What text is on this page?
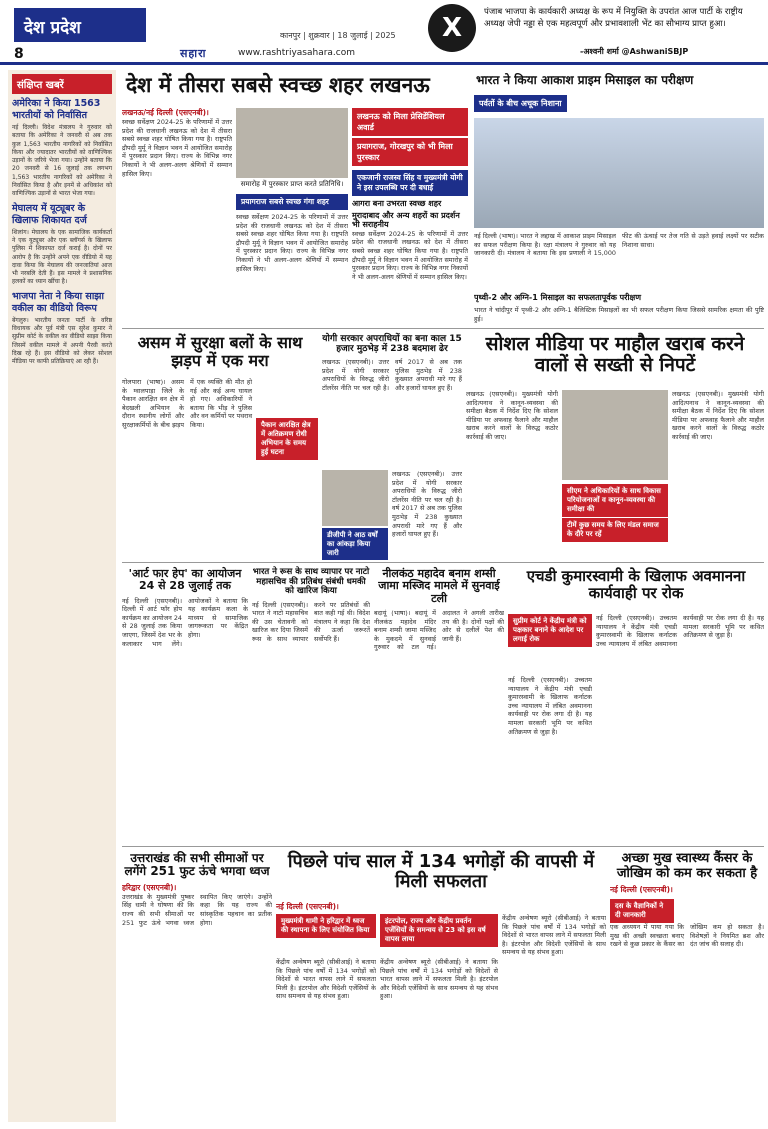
देश प्रदेश
8
कानपुर | शुक्रवार | 18 जुलाई | 2025
सहारा	www.rashtriyasahara.com
X
पंजाब भाजपा के कार्यकारी अध्यक्ष के रूप में नियुक्ति के उपरांत आज पार्टी के राष्ट्रीय अध्यक्ष जेपी नड्डा से एक महत्वपूर्ण और प्रभावशाली भेंट का सौभाग्य प्राप्त हुआ।
-अश्वनी शर्मा @AshwaniSBJP
संक्षिप्त खबरें
अमेरिका ने किया 1563 भारतीयों को निर्वासित

नई दिल्ली। विदेश मंत्रालय ने गुरुवार को बताया कि अमेरिका ने जनवरी से अब तक कुल 1,563 भारतीय नागरिकों को निर्वासित किया और ज्यादातर भारतीयों को वाणिज्यिक उड़ानों के जरिये भेजा गया। उन्होंने बताया कि 20 जनवरी से 16 जुलाई तक लगभग 1,563 भारतीय नागरिकों को अमेरिका ने निर्वासित किया है और इनमें से अधिकांश को वाणिज्यिक उड़ानों से भारत भेजा गया।

मेघालय में यूट्यूबर के खिलाफ शिकायत दर्ज

शिलांग। मेघालय के एक सामाजिक कार्यकर्ता ने एक यूट्यूबर और एक ब्लॉगर्स के खिलाफ पुलिस में शिकायत दर्ज कराई है। दोनों पर आरोप है कि उन्होंने अपने एक वीडियो में यह दावा किया कि मेघालय की जनजातियां आज भी नरबलि देती हैं। इस मामले ने प्रशासनिक हलकों का ध्यान खींचा है।

भाजपा नेता ने किया साझा वकील का वीडियो विरूप

बेंगलुरु। भारतीय जनता पार्टी के वरिष्ठ विधायक और पूर्व मंत्री एस सुरेश कुमार ने सुप्रीम कोर्ट के वकील का वीडियो साझा किया जिसमें वकील मामले में अपनी पैरवी करते दिख रहे हैं। इस वीडियो को लेकर सोशल मीडिया पर काफी प्रतिक्रियाएं आ रही हैं।

देश में तीसरा सबसे स्वच्छ शहर लखनऊ
लखनऊ/नई दिल्ली (एसएनबी)।
स्वच्छ सर्वेक्षण 2024-25 के परिणामों में उत्तर प्रदेश की राजधानी लखनऊ को देश में तीसरा सबसे स्वच्छ शहर घोषित किया गया है। राष्ट्रपति द्रौपदी मुर्मू ने विज्ञान भवन में आयोजित समारोह में पुरस्कार प्रदान किए। राज्य के विभिन्न नगर निकायों ने भी अलग-अलग श्रेणियों में सम्मान हासिल किए।
समारोह में पुरस्कार प्राप्त करते प्रतिनिधि।
प्रयागराज सबसे स्वच्छ गंगा शहर
स्वच्छ सर्वेक्षण 2024-25 के परिणामों में उत्तर प्रदेश की राजधानी लखनऊ को देश में तीसरा सबसे स्वच्छ शहर घोषित किया गया है। राष्ट्रपति द्रौपदी मुर्मू ने विज्ञान भवन में आयोजित समारोह में पुरस्कार प्रदान किए। राज्य के विभिन्न नगर निकायों ने भी अलग-अलग श्रेणियों में सम्मान हासिल किए।
लखनऊ को मिला प्रेसिडेंशियल अवार्ड
प्रयागराज, गोरखपुर को भी मिला पुरस्कार
एकजानी राजस्व सिंह व मुख्यमंत्री योगी ने इस उपलब्धि पर दी बधाई
आगरा बना उभरता स्वच्छ शहर
मुरादाबाद और अन्य शहरों का प्रदर्शन भी सराहनीय
स्वच्छ सर्वेक्षण 2024-25 के परिणामों में उत्तर प्रदेश की राजधानी लखनऊ को देश में तीसरा सबसे स्वच्छ शहर घोषित किया गया है। राष्ट्रपति द्रौपदी मुर्मू ने विज्ञान भवन में आयोजित समारोह में पुरस्कार प्रदान किए। राज्य के विभिन्न नगर निकायों ने भी अलग-अलग श्रेणियों में सम्मान हासिल किए।
भारत ने किया आकाश प्राइम मिसाइल का परीक्षण
पर्वतों के बीच अचूक निशाना
नई दिल्ली (भाषा)। भारत ने लद्दाख में आकाश प्राइम मिसाइल का सफल परीक्षण किया है। रक्षा मंत्रालय ने गुरुवार को यह जानकारी दी। मंत्रालय ने बताया कि इस प्रणाली ने 15,000 फीट की ऊंचाई पर तेज गति से उड़ते हवाई लक्ष्यों पर सटीक निशाना साधा।
पृथ्वी-2 और अग्नि-1 मिसाइल का सफलतापूर्वक परीक्षण
भारत ने चांदीपुर में पृथ्वी-2 और अग्नि-1 बैलिस्टिक मिसाइलों का भी सफल परीक्षण किया जिससे सामरिक क्षमता की पुष्टि हुई।
असम में सुरक्षा बलों के साथ झड़प में एक मरा
गोलपारा (भाषा)। असम के ग्वालपाड़ा जिले के पैकान आरक्षित वन क्षेत्र में बेदखली अभियान के दौरान स्थानीय लोगों और सुरक्षाकर्मियों के बीच झड़प में एक व्यक्ति की मौत हो गई और कई अन्य घायल हो गए। अधिकारियों ने बताया कि भीड़ ने पुलिस और वन कर्मियों पर पथराव किया।	पैकान आरक्षित क्षेत्र में अतिक्रमण रोधी अभियान के समय हुई घटना
योगी सरकार अपराधियों का बना काल 15 हजार मुठभेड़ में 238 बदमाश ढेर
लखनऊ (एसएनबी)। उत्तर प्रदेश में योगी सरकार अपराधियों के विरुद्ध जीरो टॉलरेंस नीति पर चल रही है। वर्ष 2017 से अब तक पुलिस मुठभेड़ में 238 कुख्यात अपराधी मारे गए हैं और हजारों घायल हुए हैं।
डीजीपी ने आठ वर्षों का आंकड़ा किया जारी
लखनऊ (एसएनबी)। उत्तर प्रदेश में योगी सरकार अपराधियों के विरुद्ध जीरो टॉलरेंस नीति पर चल रही है। वर्ष 2017 से अब तक पुलिस मुठभेड़ में 238 कुख्यात अपराधी मारे गए हैं और हजारों घायल हुए हैं।
सोशल मीडिया पर माहौल खराब करने वालों से सख्ती से निपटें
लखनऊ (एसएनबी)। मुख्यमंत्री योगी आदित्यनाथ ने कानून-व्यवस्था की समीक्षा बैठक में निर्देश दिए कि सोशल मीडिया पर अफवाह फैलाने और माहौल खराब करने वालों के विरुद्ध कठोर कार्रवाई की जाए।
सीएम ने अधिकारियों के साथ विकास परियोजनाओं व कानून-व्यवस्था की समीक्षा की
टीमें कुछ समय के लिए मंडल समाज के दौरे पर रहें
लखनऊ (एसएनबी)। मुख्यमंत्री योगी आदित्यनाथ ने कानून-व्यवस्था की समीक्षा बैठक में निर्देश दिए कि सोशल मीडिया पर अफवाह फैलाने और माहौल खराब करने वालों के विरुद्ध कठोर कार्रवाई की जाए।
'आर्ट फार हेप' का आयोजन 24 से 28 जुलाई तक
नई दिल्ली (एसएनबी)। दिल्ली में आर्ट फॉर होप कार्यक्रम का आयोजन 24 से 28 जुलाई तक किया जाएगा, जिसमें देश भर के कलाकार भाग लेंगे। आयोजकों ने बताया कि यह कार्यक्रम कला के माध्यम से सामाजिक जागरूकता पर केंद्रित होगा।
भारत ने रूस के साथ व्यापार पर नाटो महासचिव की प्रतिबंध संबंधी धमकी को खारिज किया
नई दिल्ली (एसएनबी)। भारत ने नाटो महासचिव की उस चेतावनी को खारिज कर दिया जिसमें रूस के साथ व्यापार करने पर प्रतिबंधों की बात कही गई थी। विदेश मंत्रालय ने कहा कि देश की ऊर्जा जरूरतें सर्वोपरि हैं।
नीलकंठ महादेव बनाम शम्सी जामा मस्जिद मामले में सुनवाई टली
बदायूं (भाषा)। बदायूं में नीलकंठ महादेव मंदिर बनाम शम्सी जामा मस्जिद के मुकदमे में सुनवाई गुरुवार को टल गई। अदालत ने अगली तारीख तय की है। दोनों पक्षों की ओर से दलीलें पेश की जानी हैं।
एचडी कुमारस्वामी के खिलाफ अवमानना कार्यवाही पर रोक
सुप्रीम कोर्ट ने केंद्रीय मंत्री को पक्षकार बनाने के आदेश पर लगाई रोक
नई दिल्ली (एसएनबी)। उच्चतम न्यायालय ने केंद्रीय मंत्री एचडी कुमारस्वामी के खिलाफ कर्नाटक उच्च न्यायालय में लंबित अवमानना कार्यवाही पर रोक लगा दी है। यह मामला सरकारी भूमि पर कथित अतिक्रमण से जुड़ा है।
नई दिल्ली (एसएनबी)। उच्चतम न्यायालय ने केंद्रीय मंत्री एचडी कुमारस्वामी के खिलाफ कर्नाटक उच्च न्यायालय में लंबित अवमानना कार्यवाही पर रोक लगा दी है। यह मामला सरकारी भूमि पर कथित अतिक्रमण से जुड़ा है।
उत्तराखंड की सभी सीमाओं पर लगेंगे 251 फुट ऊंचे भगवा ध्वज
हरिद्वार (एसएनबी)।
उत्तराखंड के मुख्यमंत्री पुष्कर सिंह धामी ने घोषणा की कि राज्य की सभी सीमाओं पर 251 फुट ऊंचे भगवा ध्वज स्थापित किए जाएंगे। उन्होंने कहा कि यह राज्य की सांस्कृतिक पहचान का प्रतीक होगा।
पिछले पांच साल में 134 भगोड़ों की वापसी में मिली सफलता
नई दिल्ली (एसएनबी)।
मुख्यमंत्री धामी ने हरिद्वार में ध्वज की स्थापना के लिए संयोजित किया
केंद्रीय अन्वेषण ब्यूरो (सीबीआई) ने बताया कि पिछले पांच वर्षों में 134 भगोड़ों को विदेशों से भारत वापस लाने में सफलता मिली है। इंटरपोल और विदेशी एजेंसियों के साथ समन्वय से यह संभव हुआ।
इंटरपोल, राज्य और केंद्रीय प्रवर्तन एजेंसियों के समन्वय से 23 को इस वर्ष वापस लाया
केंद्रीय अन्वेषण ब्यूरो (सीबीआई) ने बताया कि पिछले पांच वर्षों में 134 भगोड़ों को विदेशों से भारत वापस लाने में सफलता मिली है। इंटरपोल और विदेशी एजेंसियों के साथ समन्वय से यह संभव हुआ।
केंद्रीय अन्वेषण ब्यूरो (सीबीआई) ने बताया कि पिछले पांच वर्षों में 134 भगोड़ों को विदेशों से भारत वापस लाने में सफलता मिली है। इंटरपोल और विदेशी एजेंसियों के साथ समन्वय से यह संभव हुआ।
अच्छा मुख स्वास्थ्य कैंसर के जोखिम को कम कर सकता है
नई दिल्ली (एसएनबी)।
दस के वैज्ञानिकों ने दी जानकारी
एक अध्ययन में पाया गया कि मुख की अच्छी स्वच्छता बनाए रखने से कुछ प्रकार के कैंसर का जोखिम कम हो सकता है। विशेषज्ञों ने नियमित ब्रश और दंत जांच की सलाह दी।
